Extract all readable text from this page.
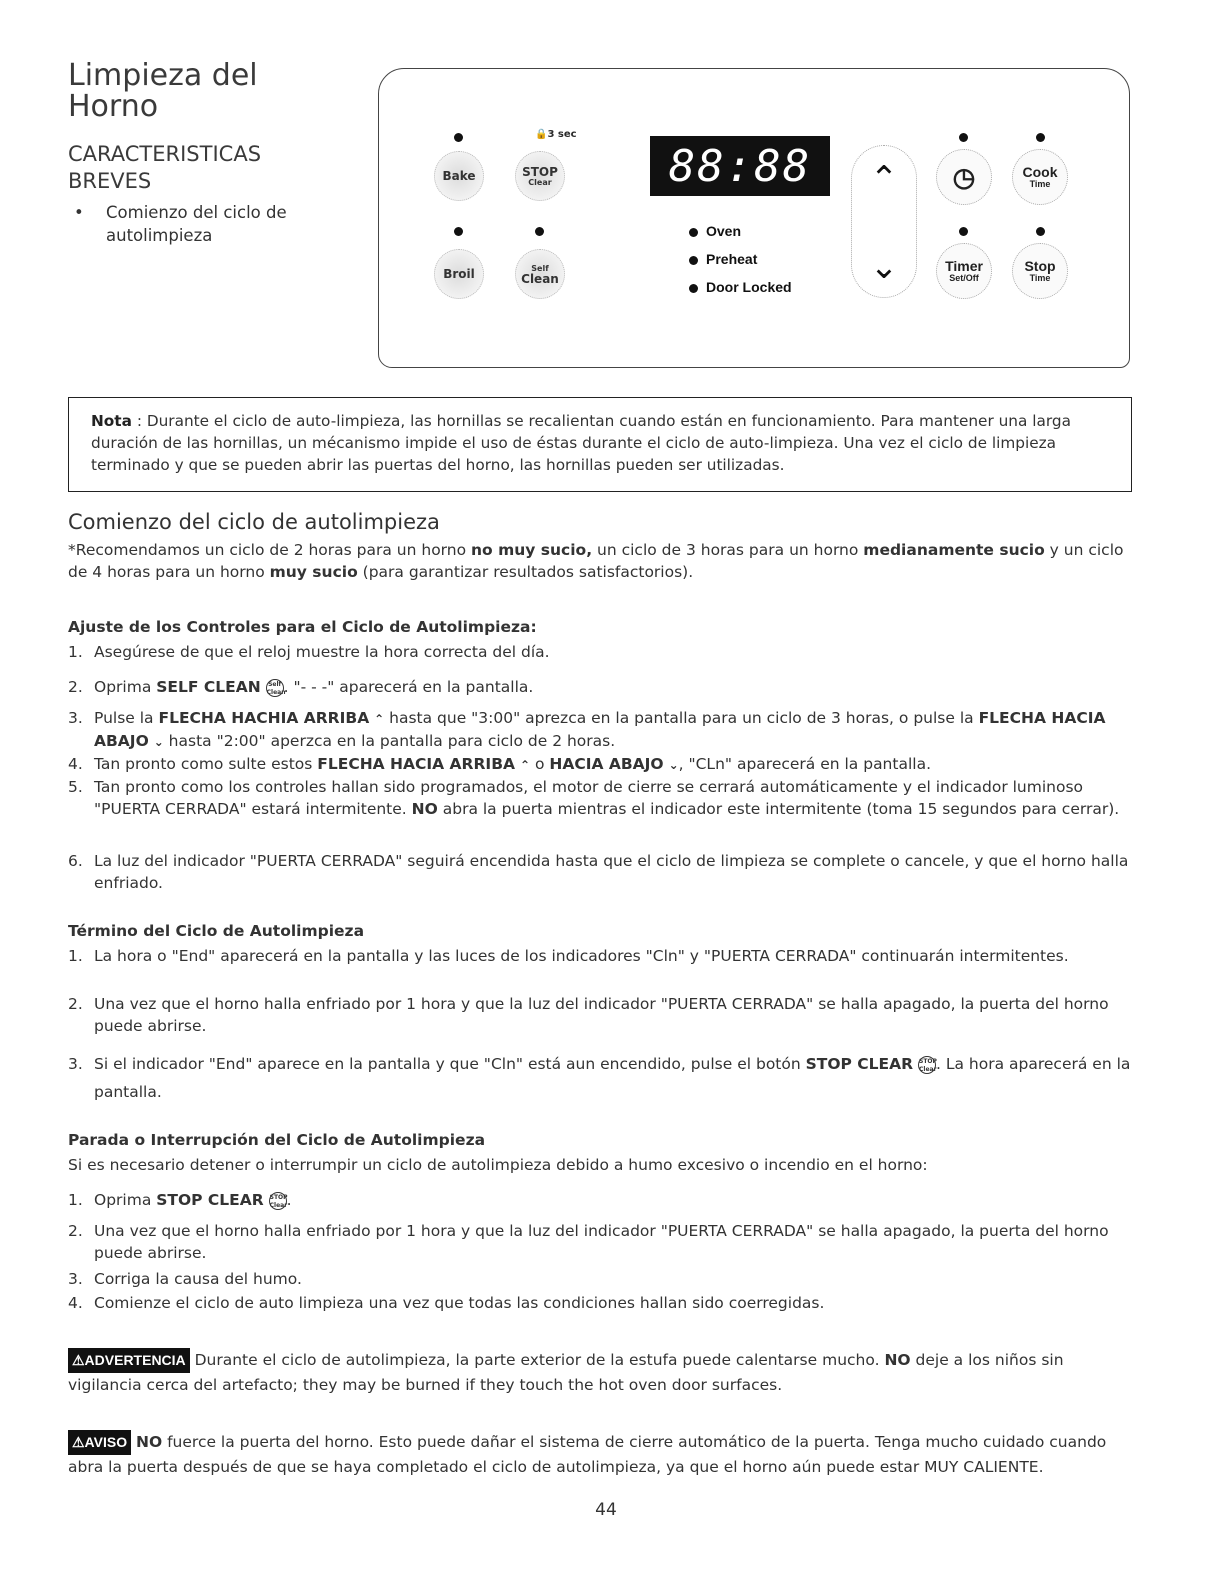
Limpieza del
Horno
CARACTERISTICAS
BREVES
• Comienzo del ciclo de autolimpieza
🔒3 sec
Bake	STOP
Clear
Broil	Self
Clean
88:88
Oven
Preheat
Door Locked
⌃
⌄
◷	Cook
Time
Timer
Set/Off
Stop
Time
Nota : Durante el ciclo de auto-limpieza, las hornillas se recalientan cuando están en funcionamiento. Para mantener una larga duración de las hornillas, un mécanismo impide el uso de éstas durante el ciclo de auto-limpieza. Una vez el ciclo de limpieza terminado y que se pueden abrir las puertas del horno, las hornillas pueden ser utilizadas.
Comienzo del ciclo de autolimpieza
*Recomendamos un ciclo de 2 horas para un horno no muy sucio, un ciclo de 3 horas para un horno medianamente sucio y un ciclo de 4 horas para un horno muy sucio (para garantizar resultados satisfactorios).
Ajuste de los Controles para el Ciclo de Autolimpieza:
1. Asegúrese de que el reloj muestre la hora correcta del día.
2. Oprima SELF CLEAN Self
Clean. "- - -" aparecerá en la pantalla.
3. Pulse la FLECHA HACHIA ARRIBA ⌃ hasta que "3:00" aprezca en la pantalla para un ciclo de 3 horas, o pulse la FLECHA HACIA ABAJO ⌄ hasta "2:00" aperzca en la pantalla para ciclo de 2 horas.
4. Tan pronto como sulte estos FLECHA HACIA ARRIBA ⌃ o HACIA ABAJO ⌄, "CLn" aparecerá en la pantalla.
5. Tan pronto como los controles hallan sido programados, el motor de cierre se cerrará automáticamente y el indicador luminoso "PUERTA CERRADA" estará intermitente. NO abra la puerta mientras el indicador este intermitente (toma 15 segundos para cerrar).
6. La luz del indicador "PUERTA CERRADA" seguirá encendida hasta que el ciclo de limpieza se complete o cancele, y que el horno halla enfriado.
Término del Ciclo de Autolimpieza
1. La hora o "End" aparecerá en la pantalla y las luces de los indicadores "Cln" y "PUERTA CERRADA" continuarán intermitentes.
2. Una vez que el horno halla enfriado por 1 hora y que la luz del indicador "PUERTA CERRADA" se halla apagado, la puerta del horno puede abrirse.
3. Si el indicador "End" aparece en la pantalla y que "Cln" está aun encendido, pulse el botón STOP CLEAR STOP
Clear. La hora aparecerá en la pantalla.
Parada o Interrupción del Ciclo de Autolimpieza
Si es necesario detener o interrumpir un ciclo de autolimpieza debido a humo excesivo o incendio en el horno:
1. Oprima STOP CLEAR STOP
Clear.
2. Una vez que el horno halla enfriado por 1 hora y que la luz del indicador "PUERTA CERRADA" se halla apagado, la puerta del horno puede abrirse.
3. Corriga la causa del humo.
4. Comienze el ciclo de auto limpieza una vez que todas las condiciones hallan sido coerregidas.
⚠ADVERTENCIA Durante el ciclo de autolimpieza, la parte exterior de la estufa puede calentarse mucho. NO deje a los niños sin vigilancia cerca del artefacto; they may be burned if they touch the hot oven door surfaces.
⚠AVISO NO fuerce la puerta del horno. Esto puede dañar el sistema de cierre automático de la puerta. Tenga mucho cuidado cuando abra la puerta después de que se haya completado el ciclo de autolimpieza, ya que el horno aún puede estar MUY CALIENTE.
44
